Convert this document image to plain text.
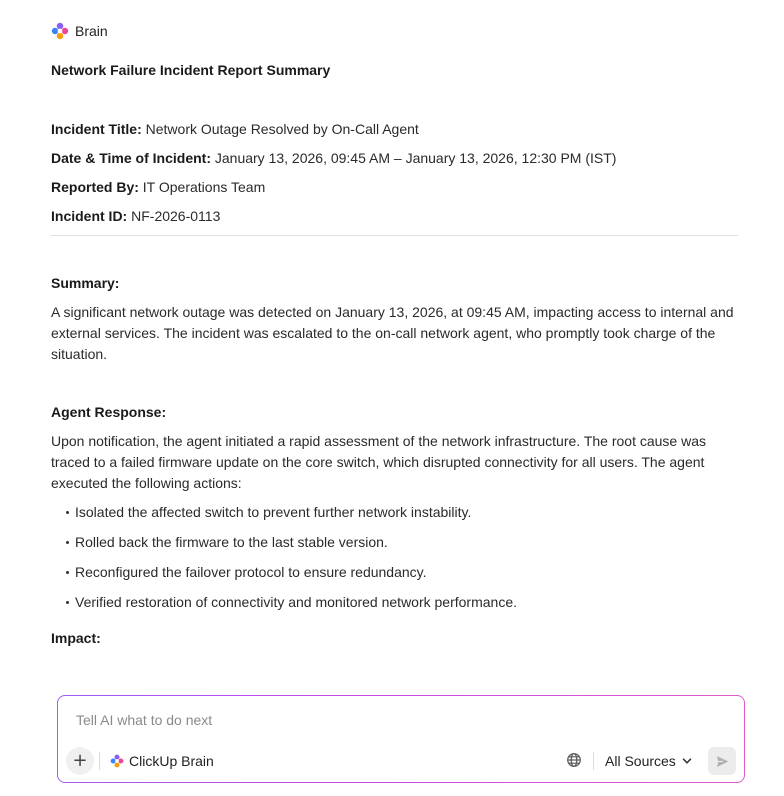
Brain
Network Failure Incident Report Summary
Incident Title: Network Outage Resolved by On-Call Agent
Date & Time of Incident: January 13, 2026, 09:45 AM – January 13, 2026, 12:30 PM (IST)
Reported By: IT Operations Team
Incident ID: NF-2026-0113
Summary:
A significant network outage was detected on January 13, 2026, at 09:45 AM, impacting access to internal and external services. The incident was escalated to the on-call network agent, who promptly took charge of the situation.
Agent Response:
Upon notification, the agent initiated a rapid assessment of the network infrastructure. The root cause was traced to a failed firmware update on the core switch, which disrupted connectivity for all users. The agent executed the following actions:
Isolated the affected switch to prevent further network instability.
Rolled back the firmware to the last stable version.
Reconfigured the failover protocol to ensure redundancy.
Verified restoration of connectivity and monitored network performance.
Impact:
Tell AI what to do next
+	ClickUp Brain	All Sources
